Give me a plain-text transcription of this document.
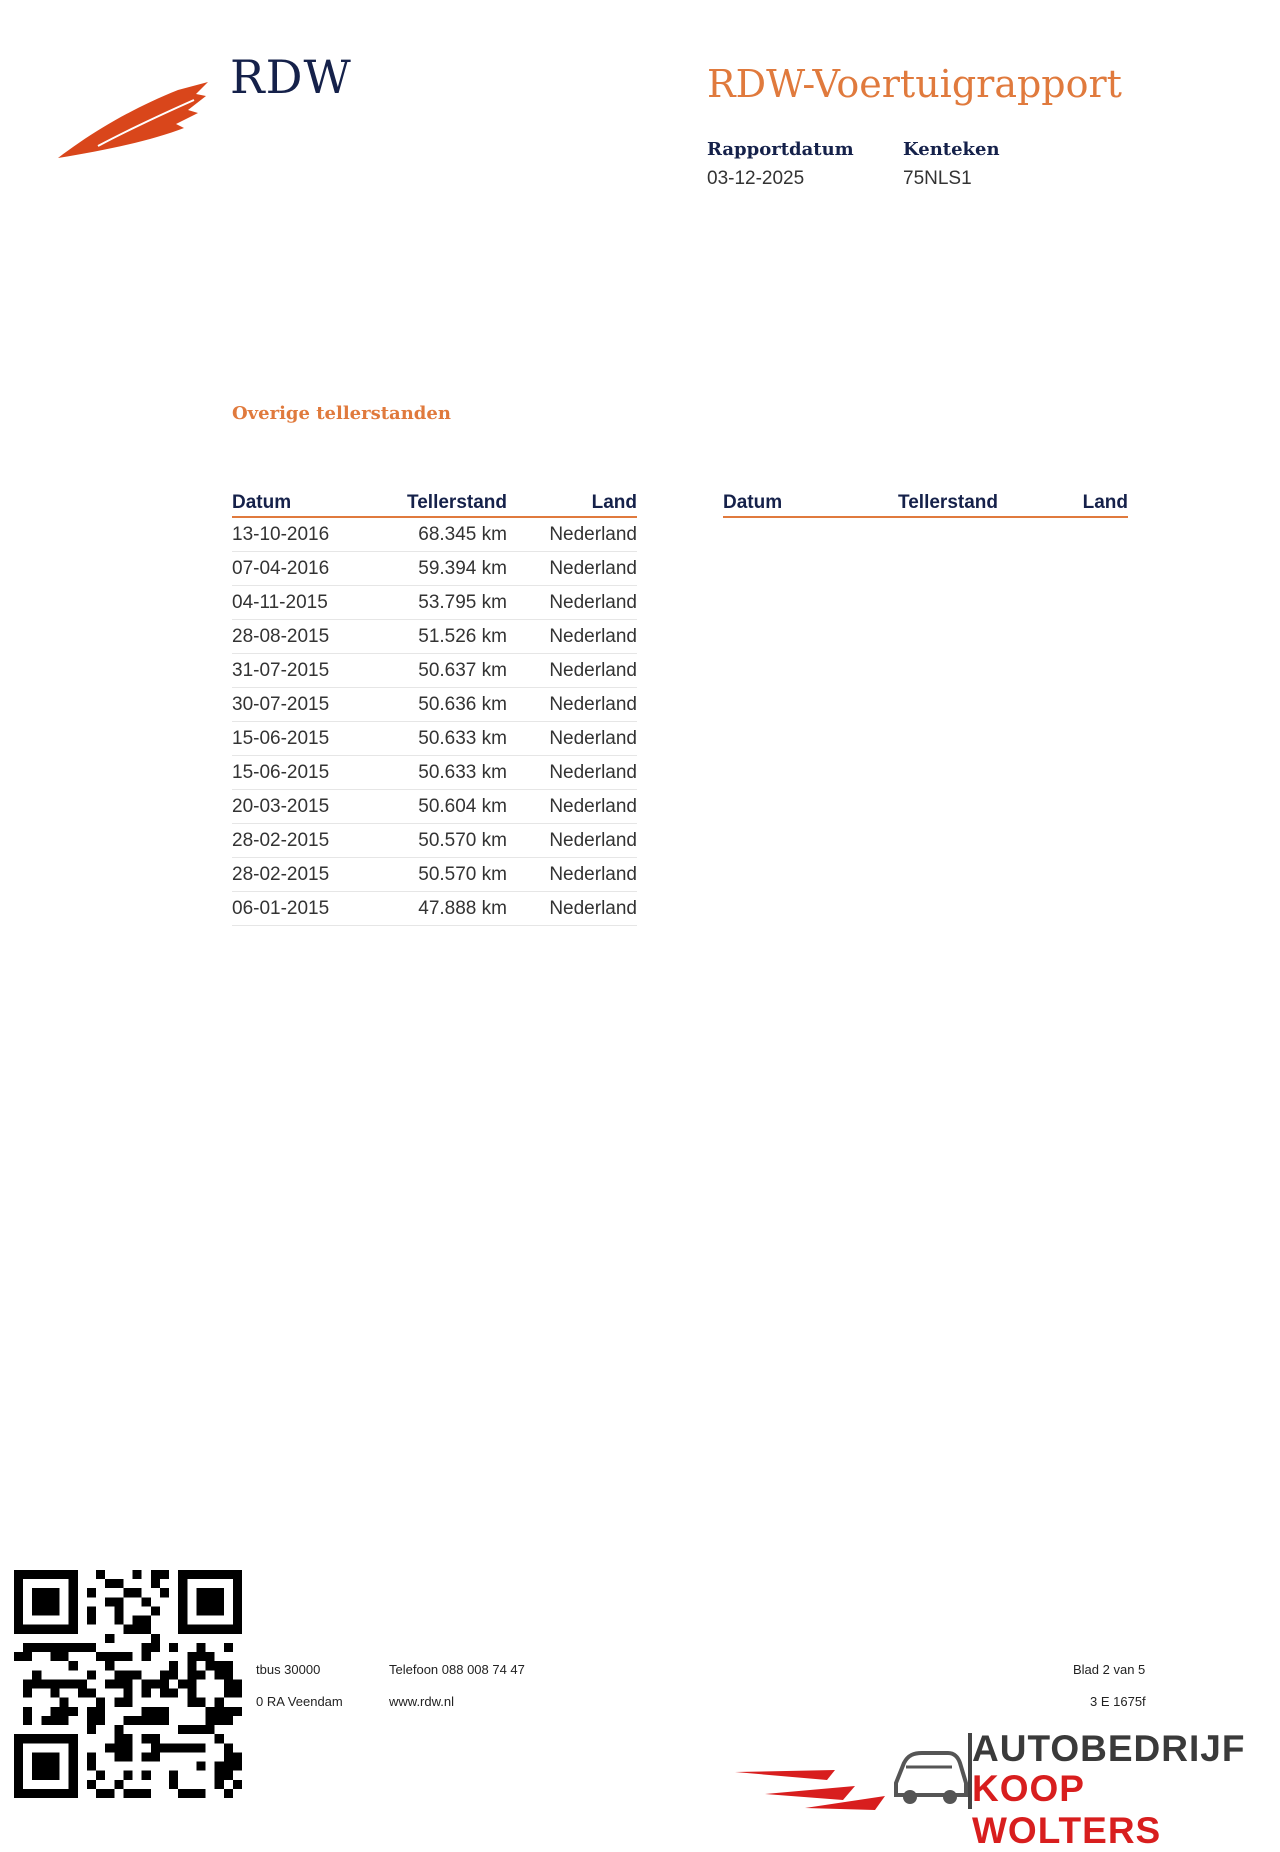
RDW	RDW-Voertuigrapport
Rapportdatum
03-12-2025
Kenteken
75NLS1
Overige tellerstanden
Datum	Tellerstand	Land
13-10-2016	68.345 km	Nederland
07-04-2016	59.394 km	Nederland
04-11-2015	53.795 km	Nederland
28-08-2015	51.526 km	Nederland
31-07-2015	50.637 km	Nederland
30-07-2015	50.636 km	Nederland
15-06-2015	50.633 km	Nederland
15-06-2015	50.633 km	Nederland
20-03-2015	50.604 km	Nederland
28-02-2015	50.570 km	Nederland
28-02-2015	50.570 km	Nederland
06-01-2015	47.888 km	Nederland
Datum	Tellerstand	Land
tbus 30000
0 RA Veendam
Telefoon 088 008 74 47
www.rdw.nl
Blad 2 van 5
3 E 1675f
AUTOBEDRIJF
KOOP WOLTERS
